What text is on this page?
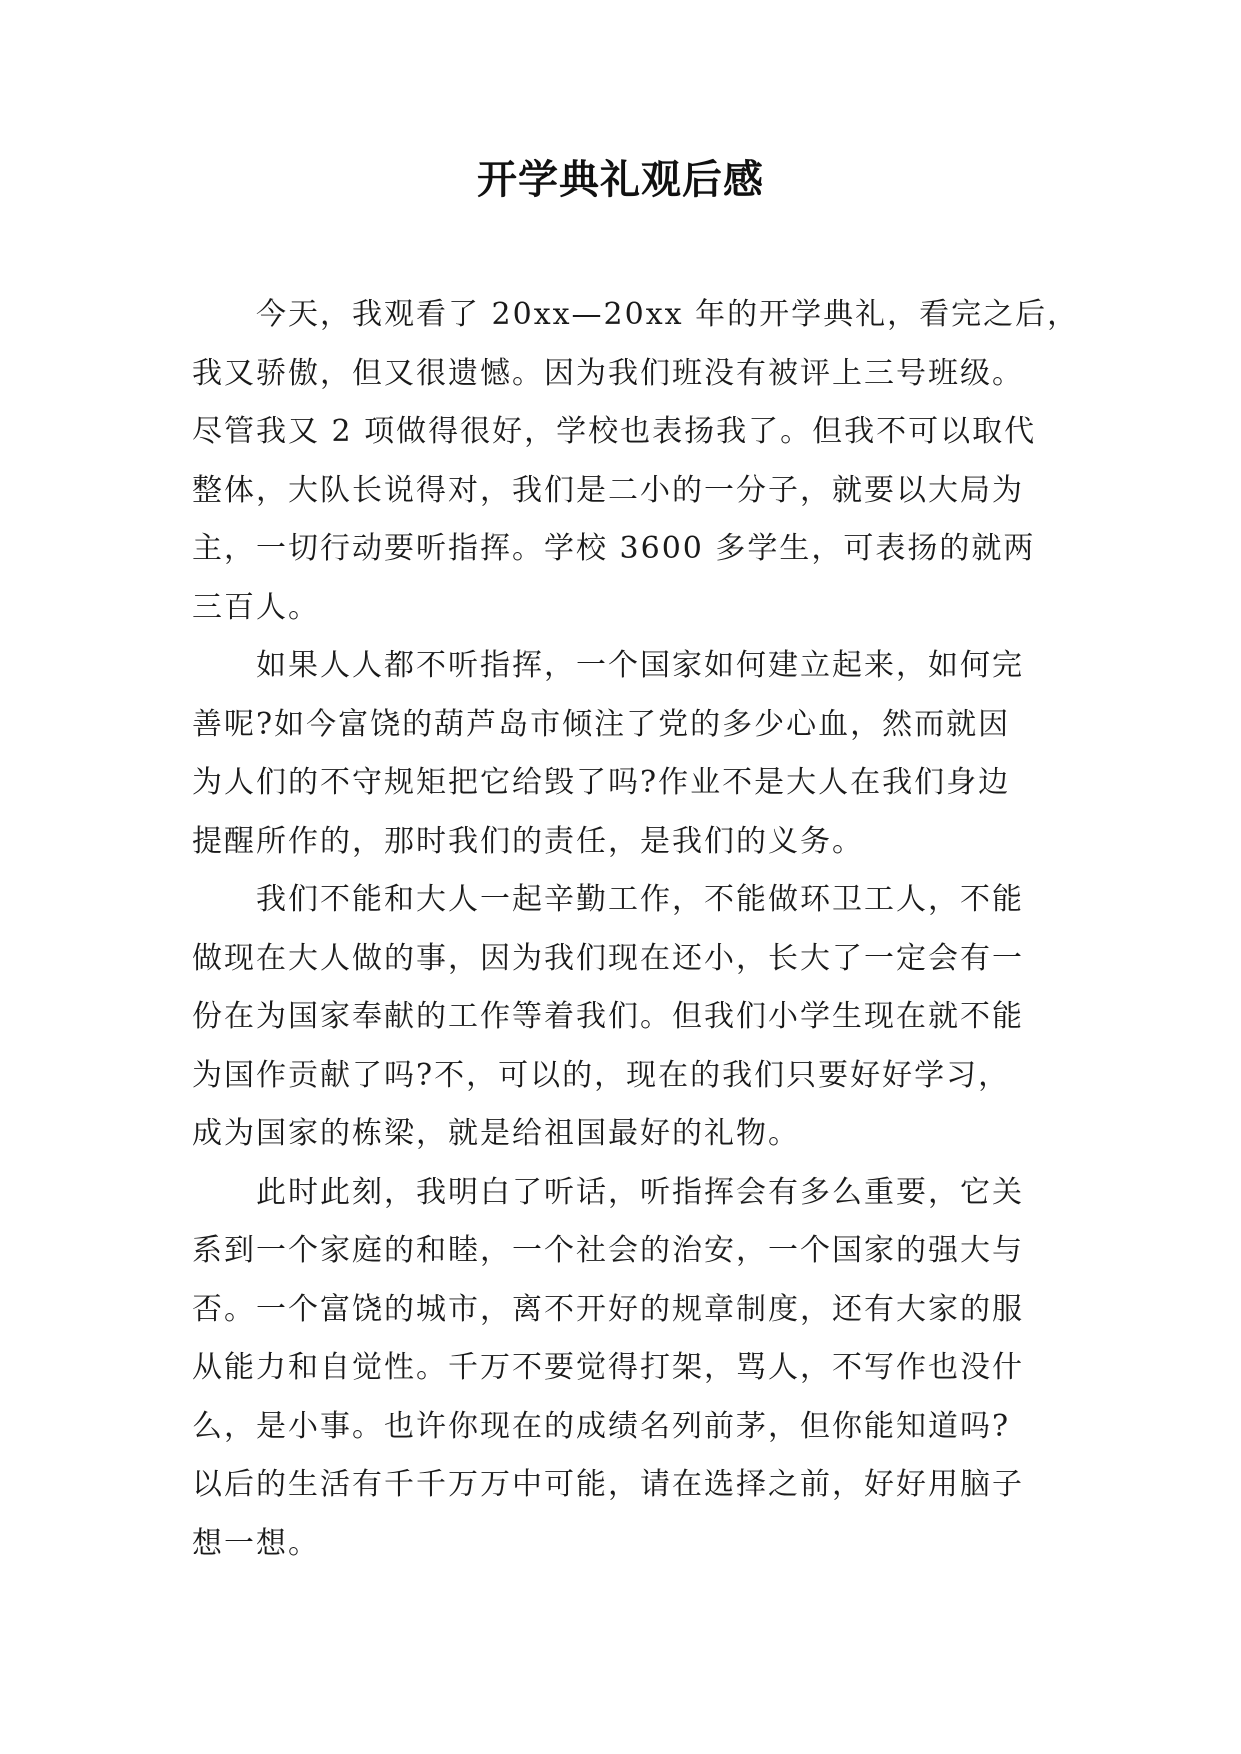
开学典礼观后感
今天，我观看了 20xx—20xx 年的开学典礼，看完之后，
我又骄傲，但又很遗憾。因为我们班没有被评上三号班级。
尽管我又 2 项做得很好，学校也表扬我了。但我不可以取代
整体，大队长说得对，我们是二小的一分子，就要以大局为
主，一切行动要听指挥。学校 3600 多学生，可表扬的就两
三百人。
如果人人都不听指挥，一个国家如何建立起来，如何完
善呢?如今富饶的葫芦岛市倾注了党的多少心血，然而就因
为人们的不守规矩把它给毁了吗?作业不是大人在我们身边
提醒所作的，那时我们的责任，是我们的义务。
我们不能和大人一起辛勤工作，不能做环卫工人，不能
做现在大人做的事，因为我们现在还小，长大了一定会有一
份在为国家奉献的工作等着我们。但我们小学生现在就不能
为国作贡献了吗?不，可以的，现在的我们只要好好学习，
成为国家的栋梁，就是给祖国最好的礼物。
此时此刻，我明白了听话，听指挥会有多么重要，它关
系到一个家庭的和睦，一个社会的治安，一个国家的强大与
否。一个富饶的城市，离不开好的规章制度，还有大家的服
从能力和自觉性。千万不要觉得打架，骂人，不写作也没什
么，是小事。也许你现在的成绩名列前茅，但你能知道吗?
以后的生活有千千万万中可能，请在选择之前，好好用脑子
想一想。
